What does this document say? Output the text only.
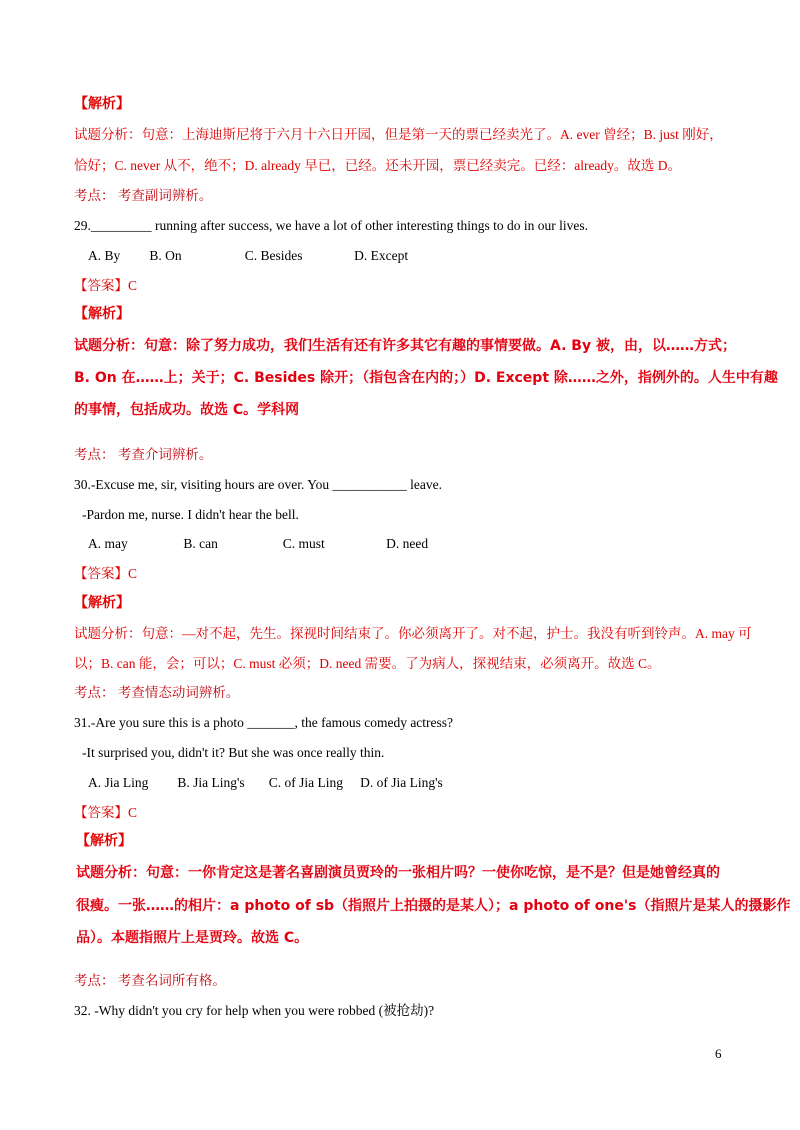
【解析】
试题分析：句意：上海迪斯尼将于六月十六日开园，但是第一天的票已经卖光了。A. ever 曾经；B. just 刚好，
恰好；C. never 从不，绝不；D. already 早已，已经。还未开园，票已经卖完。已经：already。故选 D。
考点： 考查副词辨析。
29._________ running after success, we have a lot of other interesting things to do in our lives.
A. By B. On	C. Besides	D. Except
【答案】C
【解析】
试题分析：句意：除了努力成功，我们生活有还有许多其它有趣的事情要做。A. By 被，由，以……方式；
B. On 在……上；关于；C. Besides 除开；（指包含在内的；）D. Except 除……之外，指例外的。人生中有趣
的事情，包括成功。故选 C。学科网
考点： 考查介词辨析。
30.-Excuse me, sir, visiting hours are over. You ___________ leave.
-Pardon me, nurse. I didn't hear the bell.
A. may	B. can	C. must	D. need
【答案】C
【解析】
试题分析：句意：—对不起，先生。探视时间结束了。你必须离开了。对不起，护士。我没有听到铃声。A. may 可
以；B. can 能，会；可以；C. must 必须；D. need 需要。了为病人，探视结束，必须离开。故选 C。
考点： 考查情态动词辨析。
31.-Are you sure this is a photo _______, the famous comedy actress?
-It surprised you, didn't it? But she was once really thin.
A. Jia Ling B. Jia Ling's C. of Jia Ling D. of Jia Ling's
【答案】C
【解析】
试题分析：句意：一你肯定这是著名喜剧演员贾玲的一张相片吗？一使你吃惊，是不是？但是她曾经真的
很瘦。一张……的相片：a photo of sb（指照片上拍摄的是某人）；a photo of one's（指照片是某人的摄影作
品）。本题指照片上是贾玲。故选 C。
考点： 考查名词所有格。
32. -Why didn't you cry for help when you were robbed (被抢劫)?
6
